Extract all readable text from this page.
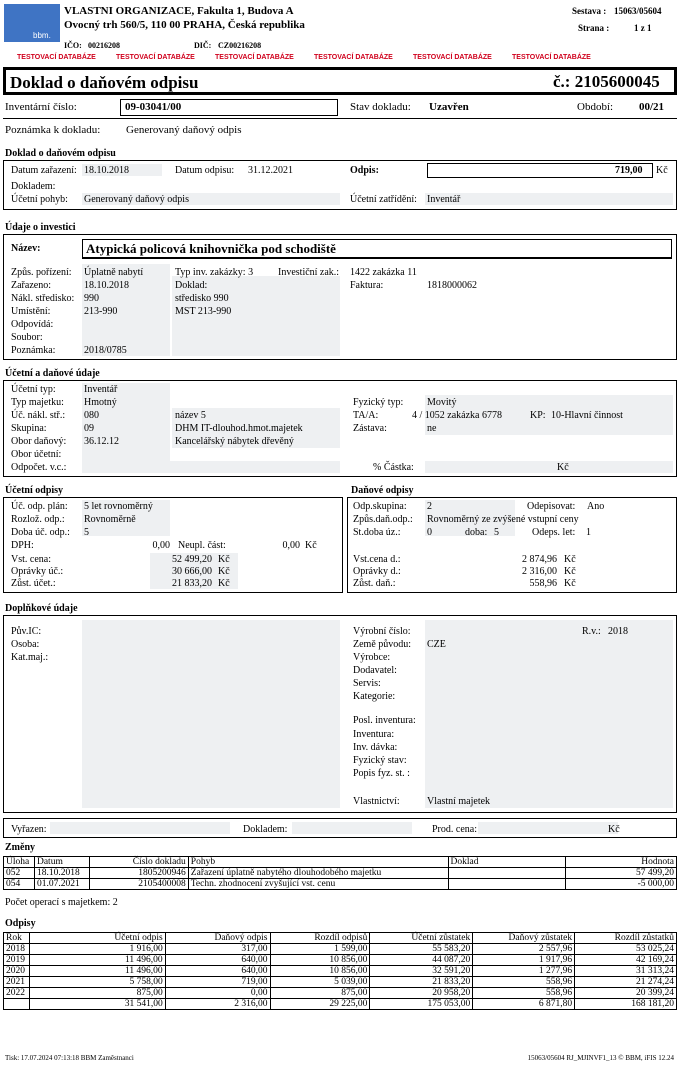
bbm.
VLASTNI ORGANIZACE, Fakulta 1, Budova A
Ovocný trh 560/5, 110 00 PRAHA, Česká republika
Sestava : 15063/05604
Strana :	1 z 1
IČO: 00216208	DIČ: CZ00216208
TESTOVACÍ DATABÁZE	TESTOVACÍ DATABÁZE	TESTOVACÍ DATABÁZE	TESTOVACÍ DATABÁZE	TESTOVACÍ DATABÁZE	TESTOVACÍ DATABÁZE
Doklad o daňovém odpisu	č.: 2105600045
Inventární číslo:	09-03041/00	Stav dokladu: Uzavřen	Období: 00/21
Poznámka k dokladu: Generovaný daňový odpis
Doklad o daňovém odpisu
Datum zařazení: 18.10.2018	Datum odpisu: 31.12.2021	Odpis:	719,00 Kč
Dokladem:
Účetní pohyb: Generovaný daňový odpis	Účetní zatřídění: Inventář
Údaje o investici
Název:	Atypická policová knihovnička pod schodiště
Způs. pořízení: Úplatně nabytí	Typ inv. zakázky: 3 Investiční zak.: 1422 zakázka 11
Zařazeno:	18.10.2018	Doklad:	Faktura:	1818000062
Nákl. středisko: 990	středisko 990
Umístění:	213-990	MST 213-990
Odpovídá:
Soubor:
Poznámka:	2018/0785
Účetní a daňové údaje
Účetní typ:	Inventář
Fyzický typ: Movitý
Typ majetku: Hmotný
Úč. nákl. stř.: 080	název 5	TA/A:	4 / 1052 zakázka 6778	KP: 10-Hlavní činnost
Skupina:	09	DHM IT-dlouhod.hmot.majetek	Zástava:	ne
Obor daňový: 36.12.12	Kancelářský nábytek dřevěný
Obor účetní:
Odpočet. v.c.:	% Částka:	Kč
Účetní odpisy
Úč. odp. plán: 5 let rovnoměrný
Rozlož. odp.: Rovnoměrně
Doba úč. odp.: 5
DPH:	0,00 Neupl. část:	0,00 Kč
Vst. cena:	52 499,20 Kč
Oprávky úč.:	30 666,00 Kč
Zůst. účet.:	21 833,20 Kč
Daňové odpisy
Odp.skupina: 2	Odepisovat: Ano
Způs.daň.odp.: Rovnoměrný ze zvýšené vstupní ceny
St.doba úz.:	0	doba: 5	Odeps. let: 1
Vst.cena d.:	2 874,96 Kč
Oprávky d.:	2 316,00 Kč
Zůst. daň.:	558,96 Kč
Doplňkové údaje
Pův.IC:
Osoba:
Kat.maj.:
Výrobní číslo:	R.v.: 2018
Země původu: CZE
Výrobce:
Dodavatel:
Servis:
Kategorie:
Posl. inventura:
Inventura:
Inv. dávka:
Fyzický stav:
Popis fyz. st. :
Vlastnictví:	Vlastní majetek
Vyřazen:	Dokladem:	Prod. cena:	Kč
Změny
Úloha	Datum	Číslo dokladu	Pohyb	Doklad	Hodnota
052	18.10.2018	1805200946	Zařazení úplatně nabytého dlouhodobého majetku		57 499,20
054	01.07.2021	2105400008	Techn. zhodnocení zvyšující vst. cenu		-5 000,00
Počet operací s majetkem: 2
Odpisy
Rok	Účetní odpis	Daňový odpis	Rozdíl odpisů	Účetní zůstatek	Daňový zůstatek	Rozdíl zůstatků
2018	1 916,00	317,00	1 599,00	55 583,20	2 557,96	53 025,24
2019	11 496,00	640,00	10 856,00	44 087,20	1 917,96	42 169,24
2020	11 496,00	640,00	10 856,00	32 591,20	1 277,96	31 313,24
2021	5 758,00	719,00	5 039,00	21 833,20	558,96	21 274,24
2022	875,00	0,00	875,00	20 958,20	558,96	20 399,24
	31 541,00	2 316,00	29 225,00	175 053,00	6 871,80	168 181,20
Tisk: 17.07.2024 07:13:18 BBM Zaměstnanci	15063/05604 RJ_MJINVF1_13 © BBM, iFIS 12.24
